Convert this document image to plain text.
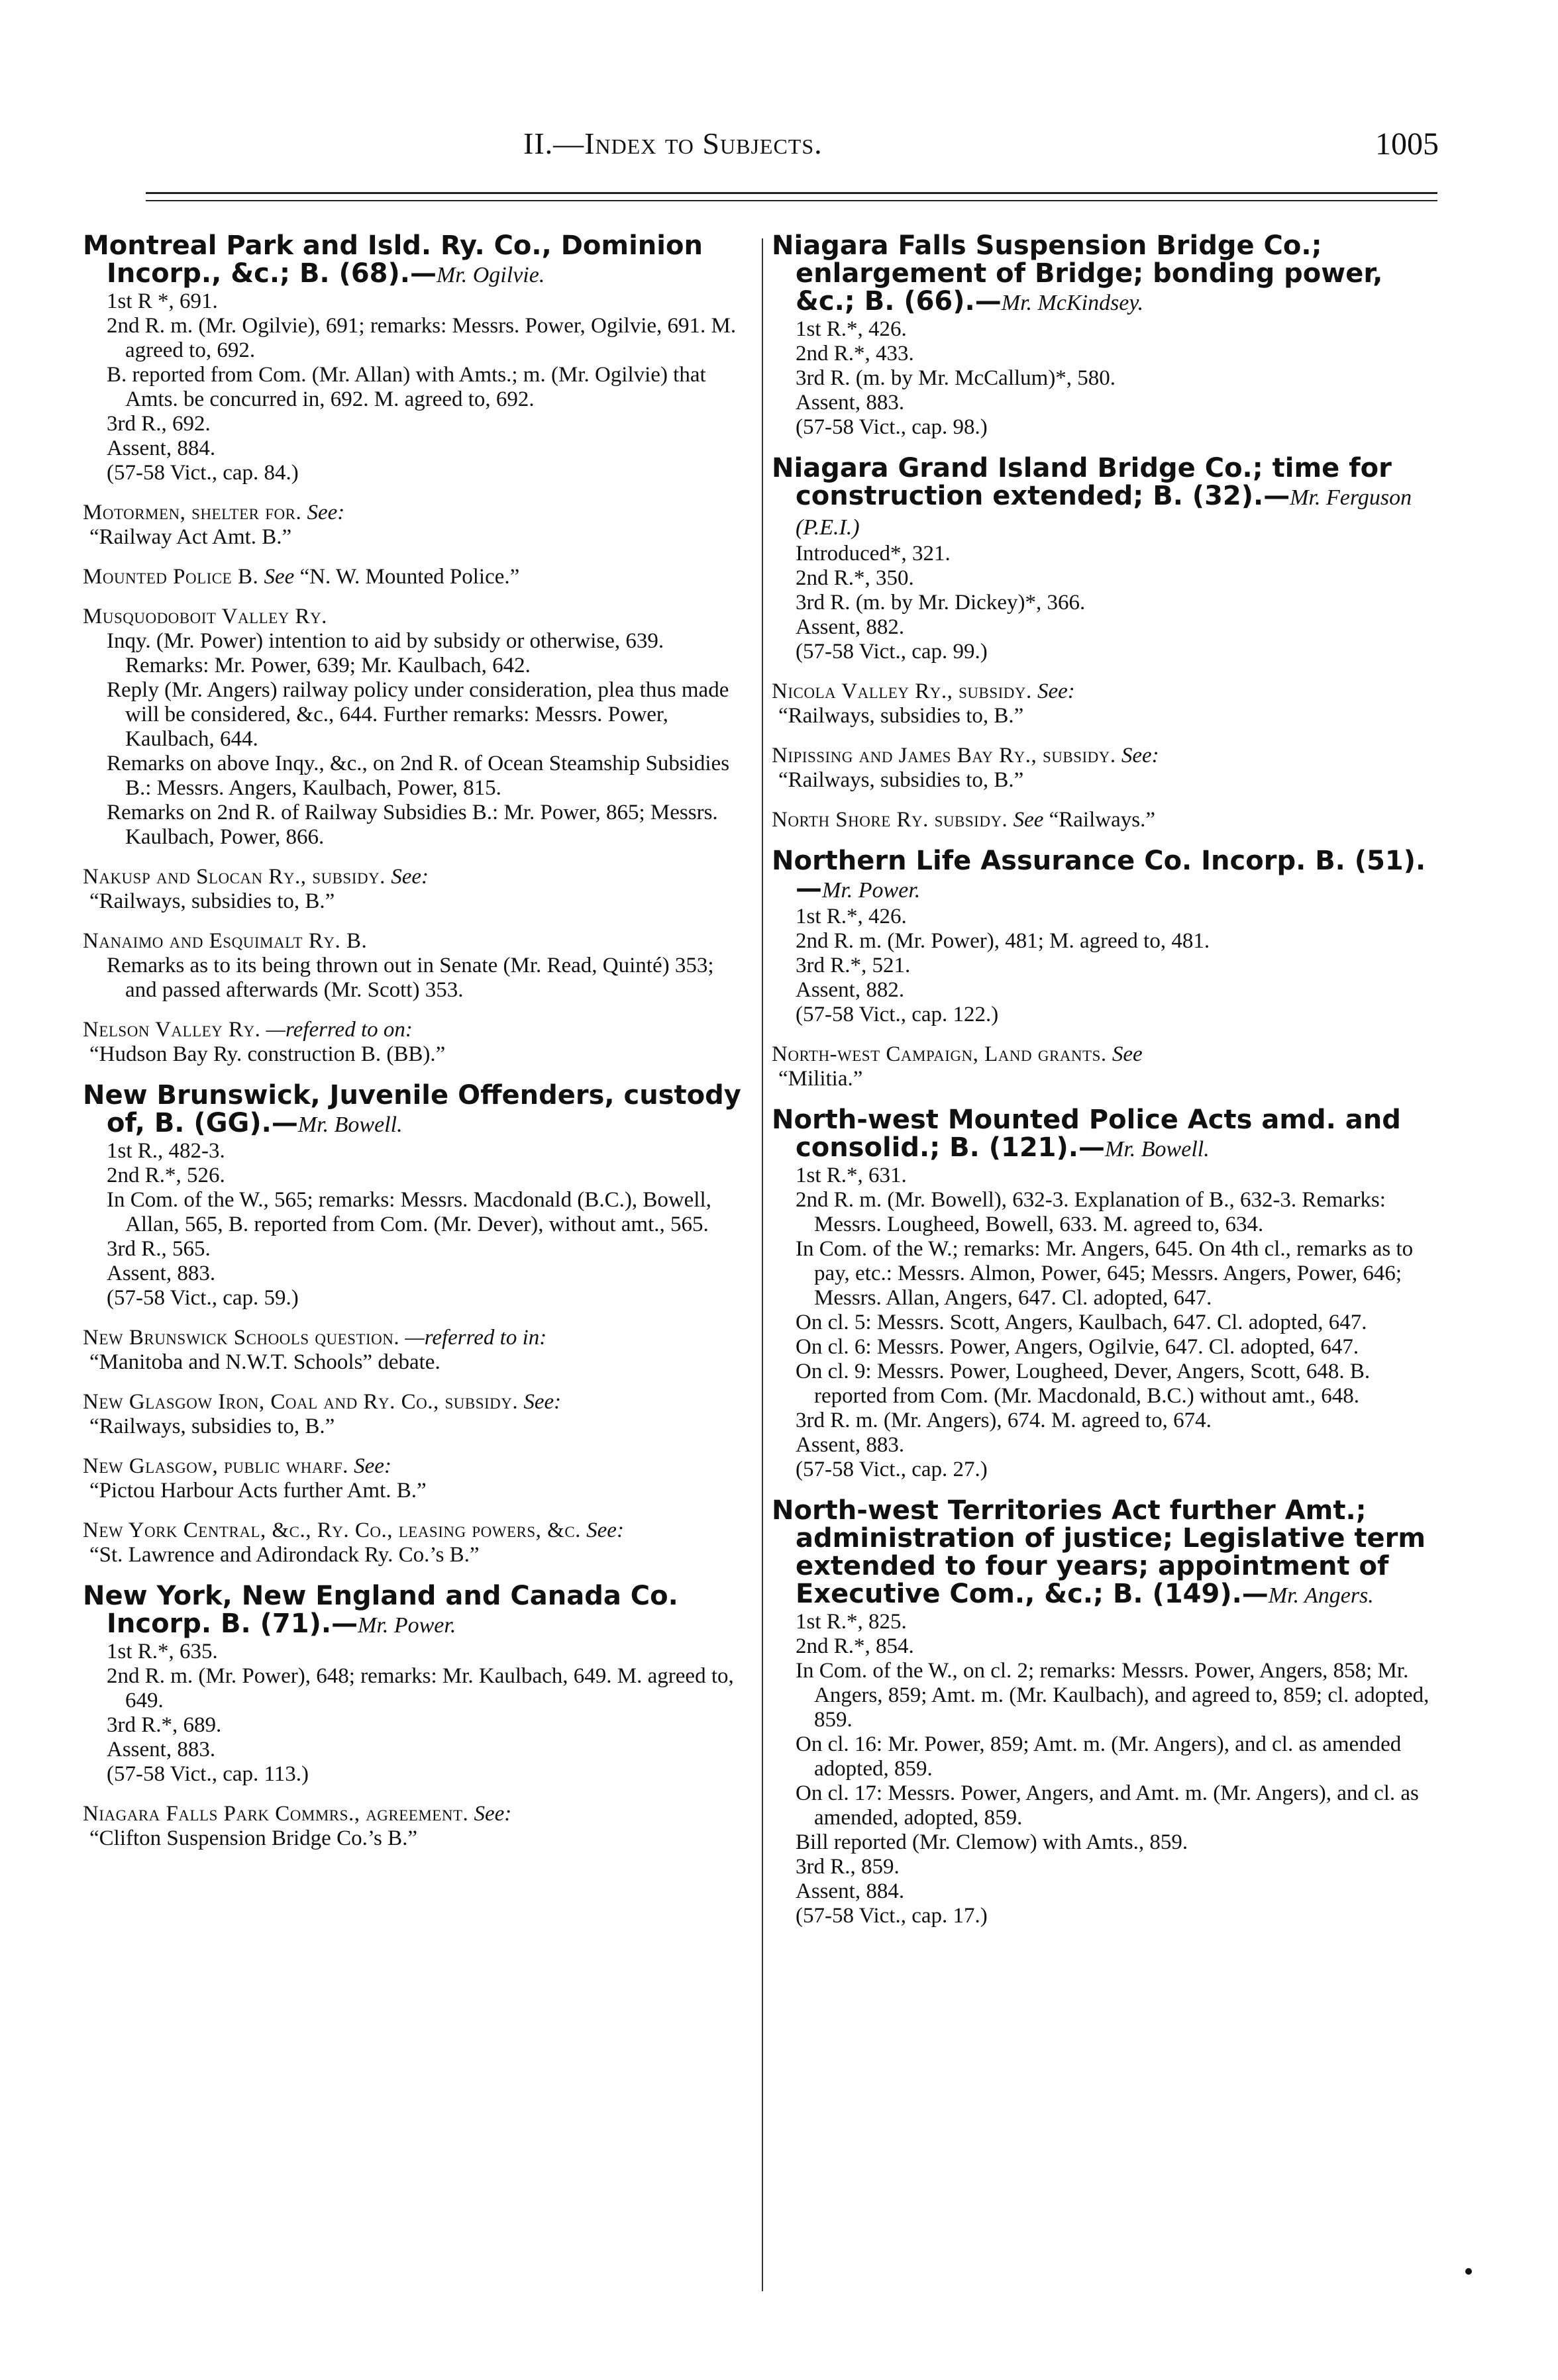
II.—Index to Subjects.	1005

Montreal Park and Isld. Ry. Co., Dominion Incorp., &c.; B. (68).—Mr. Ogilvie.

1st R *, 691.

2nd R. m. (Mr. Ogilvie), 691; remarks: Messrs. Power, Ogilvie, 691. M. agreed to, 692.

B. reported from Com. (Mr. Allan) with Amts.; m. (Mr. Ogilvie) that Amts. be concurred in, 692. M. agreed to, 692.

3rd R., 692.

Assent, 884.

(57-58 Vict., cap. 84.)

Motormen, shelter for. See:

“Railway Act Amt. B.”

Mounted Police B. See “N. W. Mounted Police.”

Musquodoboit Valley Ry.

Inqy. (Mr. Power) intention to aid by subsidy or otherwise, 639. Remarks: Mr. Power, 639; Mr. Kaulbach, 642.

Reply (Mr. Angers) railway policy under consideration, plea thus made will be considered, &c., 644. Further remarks: Messrs. Power, Kaulbach, 644.

Remarks on above Inqy., &c., on 2nd R. of Ocean Steamship Subsidies B.: Messrs. Angers, Kaulbach, Power, 815.

Remarks on 2nd R. of Railway Subsidies B.: Mr. Power, 865; Messrs. Kaulbach, Power, 866.

Nakusp and Slocan Ry., subsidy. See:

“Railways, subsidies to, B.”

Nanaimo and Esquimalt Ry. B.

Remarks as to its being thrown out in Senate (Mr. Read, Quinté) 353; and passed afterwards (Mr. Scott) 353.

Nelson Valley Ry. —referred to on:

“Hudson Bay Ry. construction B. (BB).”

New Brunswick, Juvenile Offenders, custody of, B. (GG).—Mr. Bowell.

1st R., 482-3.

2nd R.*, 526.

In Com. of the W., 565; remarks: Messrs. Macdonald (B.C.), Bowell, Allan, 565, B. reported from Com. (Mr. Dever), without amt., 565.

3rd R., 565.

Assent, 883.

(57-58 Vict., cap. 59.)

New Brunswick Schools question. —referred to in:

“Manitoba and N.W.T. Schools” debate.

New Glasgow Iron, Coal and Ry. Co., subsidy. See:

“Railways, subsidies to, B.”

New Glasgow, public wharf. See:

“Pictou Harbour Acts further Amt. B.”

New York Central, &c., Ry. Co., leasing powers, &c. See:

“St. Lawrence and Adirondack Ry. Co.’s B.”

New York, New England and Canada Co. Incorp. B. (71).—Mr. Power.

1st R.*, 635.

2nd R. m. (Mr. Power), 648; remarks: Mr. Kaulbach, 649. M. agreed to, 649.

3rd R.*, 689.

Assent, 883.

(57-58 Vict., cap. 113.)

Niagara Falls Park Commrs., agreement. See:

“Clifton Suspension Bridge Co.’s B.”

Niagara Falls Suspension Bridge Co.; enlargement of Bridge; bonding power, &c.; B. (66).—Mr. McKindsey.

1st R.*, 426.

2nd R.*, 433.

3rd R. (m. by Mr. McCallum)*, 580.

Assent, 883.

(57-58 Vict., cap. 98.)

Niagara Grand Island Bridge Co.; time for construction extended; B. (32).—Mr. Ferguson (P.E.I.)

Introduced*, 321.

2nd R.*, 350.

3rd R. (m. by Mr. Dickey)*, 366.

Assent, 882.

(57-58 Vict., cap. 99.)

Nicola Valley Ry., subsidy. See:

“Railways, subsidies to, B.”

Nipissing and James Bay Ry., subsidy. See:

“Railways, subsidies to, B.”

North Shore Ry. subsidy. See “Railways.”

Northern Life Assurance Co. Incorp. B. (51).—Mr. Power.

1st R.*, 426.

2nd R. m. (Mr. Power), 481; M. agreed to, 481.

3rd R.*, 521.

Assent, 882.

(57-58 Vict., cap. 122.)

North-west Campaign, Land grants. See

“Militia.”

North-west Mounted Police Acts amd. and consolid.; B. (121).—Mr. Bowell.

1st R.*, 631.

2nd R. m. (Mr. Bowell), 632-3. Explanation of B., 632-3. Remarks: Messrs. Lougheed, Bowell, 633. M. agreed to, 634.

In Com. of the W.; remarks: Mr. Angers, 645. On 4th cl., remarks as to pay, etc.: Messrs. Almon, Power, 645; Messrs. Angers, Power, 646; Messrs. Allan, Angers, 647. Cl. adopted, 647.

On cl. 5: Messrs. Scott, Angers, Kaulbach, 647. Cl. adopted, 647.

On cl. 6: Messrs. Power, Angers, Ogilvie, 647. Cl. adopted, 647.

On cl. 9: Messrs. Power, Lougheed, Dever, Angers, Scott, 648. B. reported from Com. (Mr. Macdonald, B.C.) without amt., 648.

3rd R. m. (Mr. Angers), 674. M. agreed to, 674.

Assent, 883.

(57-58 Vict., cap. 27.)

North-west Territories Act further Amt.; administration of justice; Legislative term extended to four years; appointment of Executive Com., &c.; B. (149).—Mr. Angers.

1st R.*, 825.

2nd R.*, 854.

In Com. of the W., on cl. 2; remarks: Messrs. Power, Angers, 858; Mr. Angers, 859; Amt. m. (Mr. Kaulbach), and agreed to, 859; cl. adopted, 859.

On cl. 16: Mr. Power, 859; Amt. m. (Mr. Angers), and cl. as amended adopted, 859.

On cl. 17: Messrs. Power, Angers, and Amt. m. (Mr. Angers), and cl. as amended, adopted, 859.

Bill reported (Mr. Clemow) with Amts., 859.

3rd R., 859.

Assent, 884.

(57-58 Vict., cap. 17.)
